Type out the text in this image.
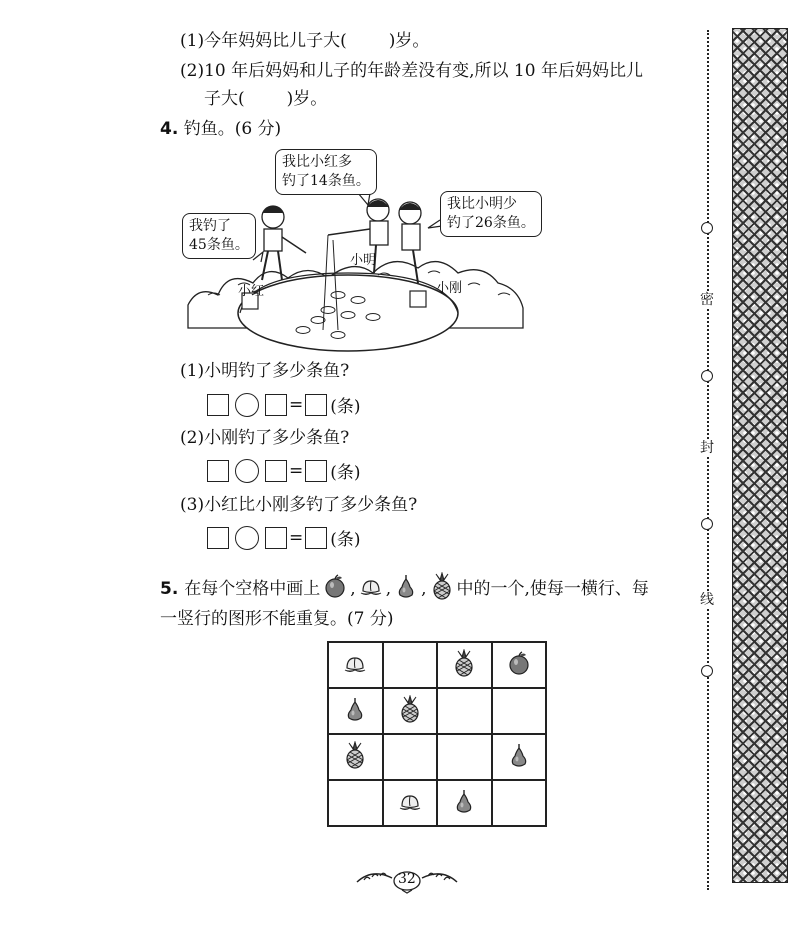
密
封
线
(1)今年妈妈比儿子大( )岁。
(2)10 年后妈妈和儿子的年龄差没有变,所以 10 年后妈妈比儿
子大( )岁。
4. 钓鱼。(6 分)
我钓了
45条鱼。
我比小红多
钓了14条鱼。
我比小明少
钓了26条鱼。
小红
小明
小刚
(1)小明钓了多少条鱼?
= (条)
(2)小刚钓了多少条鱼?
= (条)
(3)小红比小刚多钓了多少条鱼?
= (条)
5. 在每个空格中画上 , , , 中的一个,使每一横行、每
一竖行的图形不能重复。(7 分)
32
